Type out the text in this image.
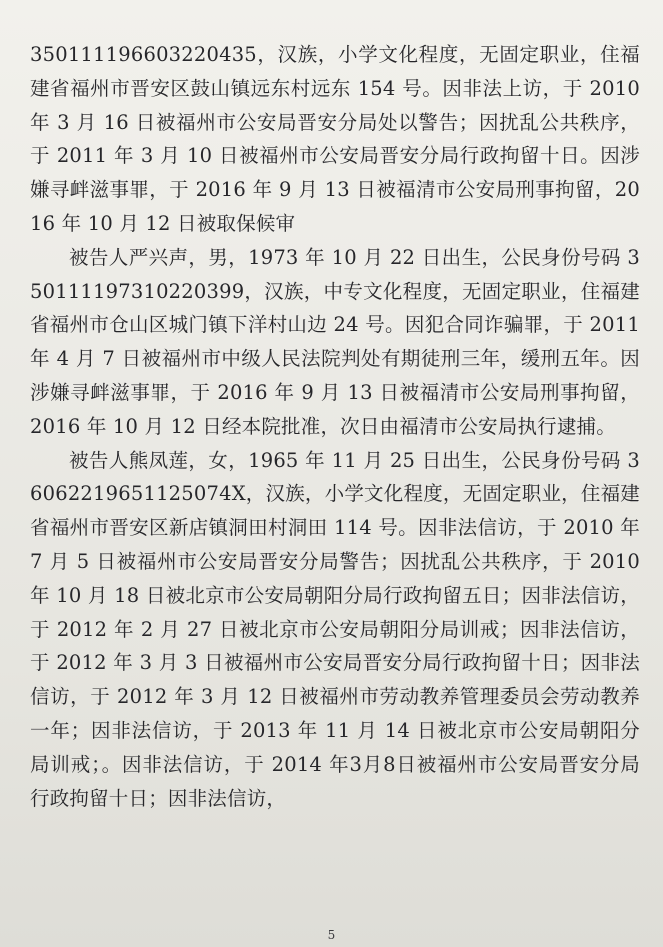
350111196603220435，汉族，小学文化程度，无固定职业，住福建省福州市晋安区鼓山镇远东村远东 154 号。因非法上访，于 2010 年 3 月 16 日被福州市公安局晋安分局处以警告；因扰乱公共秩序，于 2011 年 3 月 10 日被福州市公安局晋安分局行政拘留十日。因涉嫌寻衅滋事罪，于 2016 年 9 月 13 日被福清市公安局刑事拘留，2016 年 10 月 12 日被取保候审

被告人严兴声，男，1973 年 10 月 22 日出生，公民身份号码 350111197310220399，汉族，中专文化程度，无固定职业，住福建省福州市仓山区城门镇下洋村山边 24 号。因犯合同诈骗罪，于 2011 年 4 月 7 日被福州市中级人民法院判处有期徒刑三年，缓刑五年。因涉嫌寻衅滋事罪，于 2016 年 9 月 13 日被福清市公安局刑事拘留，2016 年 10 月 12 日经本院批准，次日由福清市公安局执行逮捕。

被告人熊凤莲，女，1965 年 11 月 25 日出生，公民身份号码 36062219651125074X，汉族，小学文化程度，无固定职业，住福建省福州市晋安区新店镇洞田村洞田 114 号。因非法信访，于 2010 年 7 月 5 日被福州市公安局晋安分局警告；因扰乱公共秩序，于 2010 年 10 月 18 日被北京市公安局朝阳分局行政拘留五日；因非法信访，于 2012 年 2 月 27 日被北京市公安局朝阳分局训戒；因非法信访，于 2012 年 3 月 3 日被福州市公安局晋安分局行政拘留十日；因非法信访，于 2012 年 3 月 12 日被福州市劳动教养管理委员会劳动教养一年；因非法信访，于 2013 年 11 月 14 日被北京市公安局朝阳分局训戒；。因非法信访，于 2014 年3月8日被福州市公安局晋安分局行政拘留十日；因非法信访，

5
